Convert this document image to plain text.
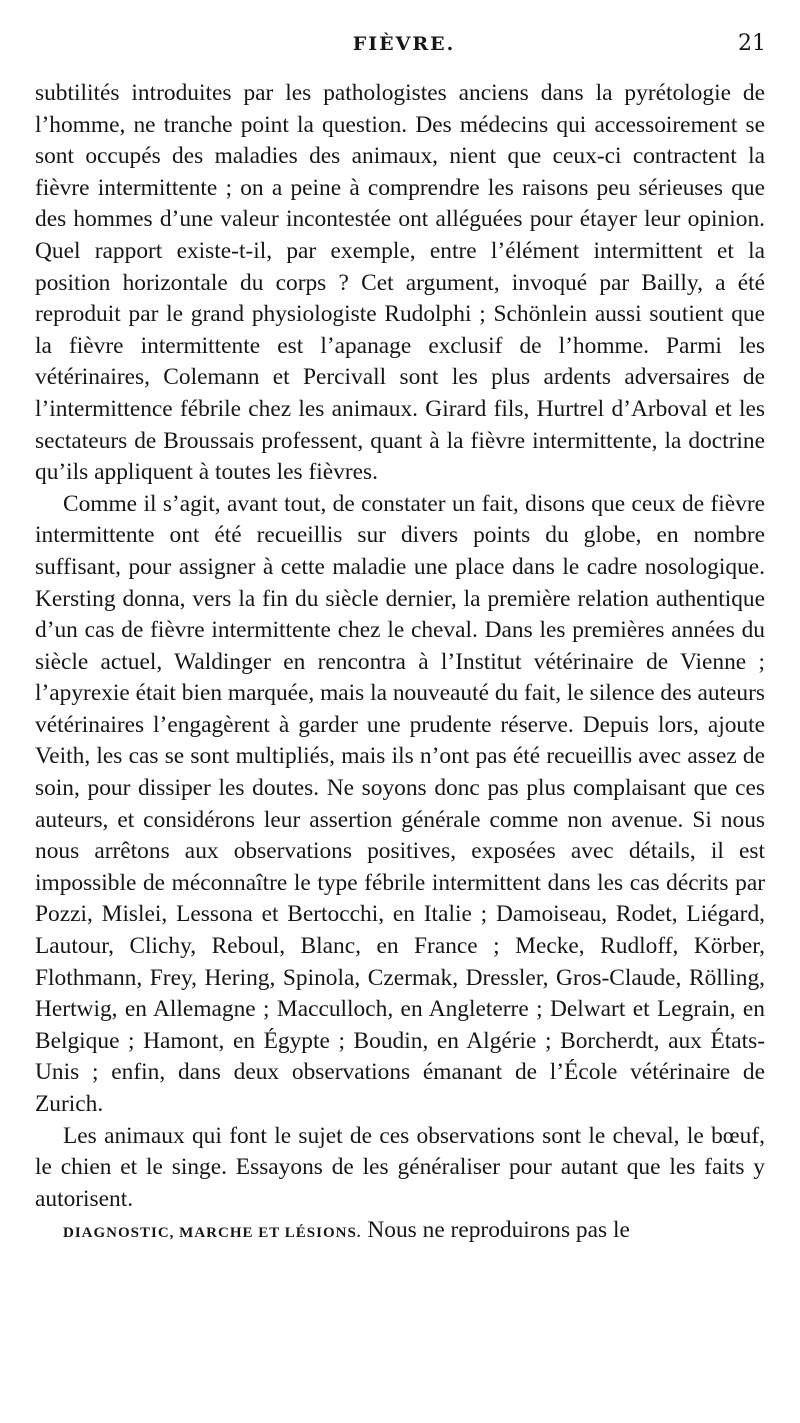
FIÈVRE.	21

subtilités introduites par les pathologistes anciens dans la pyrétologie de l’homme, ne tranche point la question. Des médecins qui accessoirement se sont occupés des maladies des animaux, nient que ceux-ci contractent la fièvre intermittente ; on a peine à comprendre les raisons peu sérieuses que des hommes d’une valeur incontestée ont alléguées pour étayer leur opinion. Quel rapport existe-t-il, par exemple, entre l’élément intermittent et la position horizontale du corps ? Cet argument, invoqué par Bailly, a été reproduit par le grand physiologiste Rudolphi ; Schönlein aussi soutient que la fièvre intermittente est l’apanage exclusif de l’homme. Parmi les vétérinaires, Colemann et Percivall sont les plus ardents adversaires de l’intermittence fébrile chez les animaux. Girard fils, Hurtrel d’Arboval et les sectateurs de Broussais professent, quant à la fièvre intermittente, la doctrine qu’ils appliquent à toutes les fièvres.

Comme il s’agit, avant tout, de constater un fait, disons que ceux de fièvre intermittente ont été recueillis sur divers points du globe, en nombre suffisant, pour assigner à cette maladie une place dans le cadre nosologique. Kersting donna, vers la fin du siècle dernier, la première relation authentique d’un cas de fièvre intermittente chez le cheval. Dans les premières années du siècle actuel, Waldinger en rencontra à l’Institut vétérinaire de Vienne ; l’apyrexie était bien marquée, mais la nouveauté du fait, le silence des auteurs vétérinaires l’engagèrent à garder une prudente réserve. Depuis lors, ajoute Veith, les cas se sont multipliés, mais ils n’ont pas été recueillis avec assez de soin, pour dissiper les doutes. Ne soyons donc pas plus complaisant que ces auteurs, et considérons leur assertion générale comme non avenue. Si nous nous arrêtons aux observations positives, exposées avec détails, il est impossible de méconnaître le type fébrile intermittent dans les cas décrits par Pozzi, Mislei, Lessona et Bertocchi, en Italie ; Damoiseau, Rodet, Liégard, Lautour, Clichy, Reboul, Blanc, en France ; Mecke, Rudloff, Körber, Flothmann, Frey, Hering, Spinola, Czermak, Dressler, Gros-Claude, Rölling, Hertwig, en Allemagne ; Macculloch, en Angleterre ; Delwart et Legrain, en Belgique ; Hamont, en Égypte ; Boudin, en Algérie ; Borcherdt, aux États-Unis ; enfin, dans deux observations émanant de l’École vétérinaire de Zurich.

Les animaux qui font le sujet de ces observations sont le cheval, le bœuf, le chien et le singe. Essayons de les généraliser pour autant que les faits y autorisent.

DIAGNOSTIC, MARCHE ET LÉSIONS. Nous ne reproduirons pas le
